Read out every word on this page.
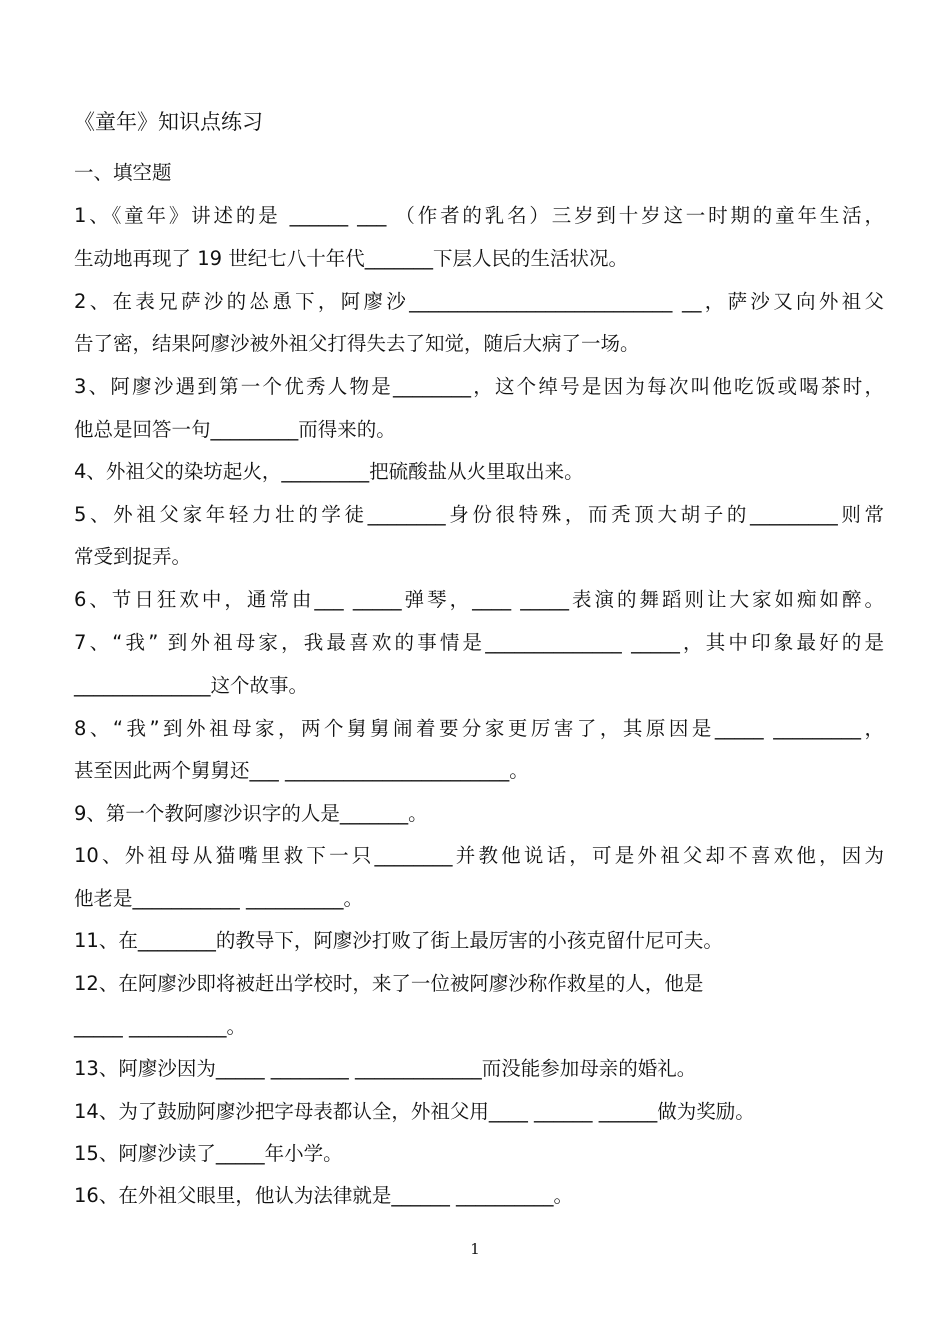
《童年》知识点练习
一、填空题
1、《童年》讲述的是 ______ ___ （作者的乳名）三岁到十岁这一时期的童年生活，
生动地再现了 19 世纪七八十年代_______下层人民的生活状况。
2、在表兄萨沙的怂恿下，阿廖沙___________________________ __，萨沙又向外祖父
告了密，结果阿廖沙被外祖父打得失去了知觉，随后大病了一场。
3、阿廖沙遇到第一个优秀人物是________，这个绰号是因为每次叫他吃饭或喝茶时，
他总是回答一句_________而得来的。
4、外祖父的染坊起火，_________把硫酸盐从火里取出来。
5、外祖父家年轻力壮的学徒________身份很特殊，而秃顶大胡子的_________则常
常受到捉弄。
6、节日狂欢中，通常由___ _____弹琴，____ _____表演的舞蹈则让大家如痴如醉。
7、“我” 到外祖母家，我最喜欢的事情是______________ _____，其中印象最好的是
______________这个故事。
8、“我”到外祖母家，两个舅舅闹着要分家更厉害了，其原因是_____ _________，
甚至因此两个舅舅还___ _______________________。
9、第一个教阿廖沙识字的人是_______。
10、外祖母从猫嘴里救下一只________并教他说话，可是外祖父却不喜欢他，因为
他老是___________ __________。
11、在________的教导下，阿廖沙打败了街上最厉害的小孩克留什尼可夫。
12、在阿廖沙即将被赶出学校时，来了一位被阿廖沙称作救星的人，他是
_____ __________。
13、阿廖沙因为_____ ________ _____________而没能参加母亲的婚礼。
14、为了鼓励阿廖沙把字母表都认全，外祖父用____ ______ ______做为奖励。
15、阿廖沙读了_____年小学。
16、在外祖父眼里，他认为法律就是______ __________。
1
